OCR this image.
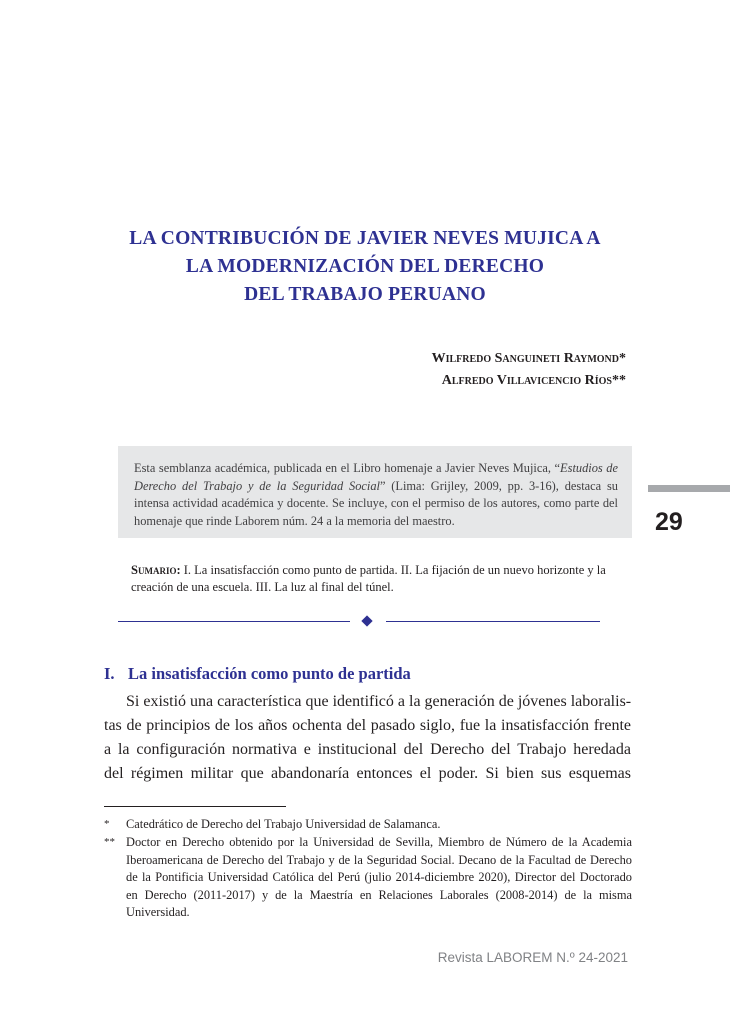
LA CONTRIBUCIÓN DE JAVIER NEVES MUJICA A
LA MODERNIZACIÓN DEL DERECHO
DEL TRABAJO PERUANO
Wilfredo Sanguineti Raymond*
Alfredo Villavicencio Ríos**
Esta semblanza académica, publicada en el Libro homenaje a Javier Neves Mujica, “Estudios de Derecho del Trabajo y de la Seguridad Social” (Lima: Grijley, 2009, pp. 3-16), destaca su intensa actividad académica y docente. Se incluye, con el permiso de los autores, como parte del homenaje que rinde Laborem núm. 24 a la memoria del maestro.	29
Sumario: I. La insatisfacción como punto de partida. II. La fijación de un nuevo horizonte y la creación de una escuela. III. La luz al final del túnel.
I. La insatisfacción como punto de partida
Si existió una característica que identificó a la generación de jóvenes laboralis-
tas de principios de los años ochenta del pasado siglo, fue la insatisfacción frente
a la configuración normativa e institucional del Derecho del Trabajo heredada
del régimen militar que abandonaría entonces el poder. Si bien sus esquemas
*	Catedrático de Derecho del Trabajo Universidad de Salamanca.
** Doctor en Derecho obtenido por la Universidad de Sevilla, Miembro de Número de la Academia Iberoamericana de Derecho del Trabajo y de la Seguridad Social. Decano de la Facultad de Derecho de la Pontificia Universidad Católica del Perú (julio 2014-diciembre 2020), Director del Doctorado en Derecho (2011-2017) y de la Maestría en Relaciones Laborales (2008-2014) de la misma Universidad.
Revista LABOREM N.º 24-2021
